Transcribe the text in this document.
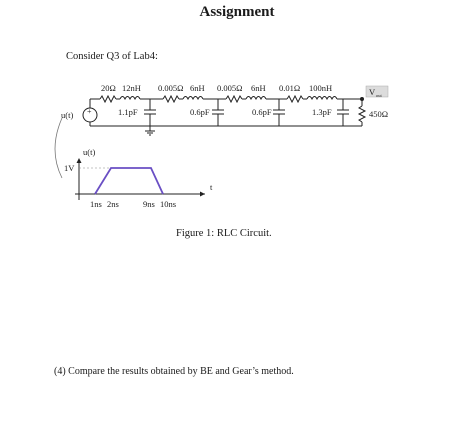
Assignment
Consider Q3 of Lab4:
+
20Ω 12nH 0.005Ω 6nH 0.005Ω 6nH 0.01Ω 100nH
1.1pF	0.6pF	0.6pF	1.3pF	450Ω
u(t)
V out
u(t)
1V
t
1ns 2ns	9ns 10ns
Figure 1: RLC Circuit.
(4) Compare the results obtained by BE and Gear’s method.
